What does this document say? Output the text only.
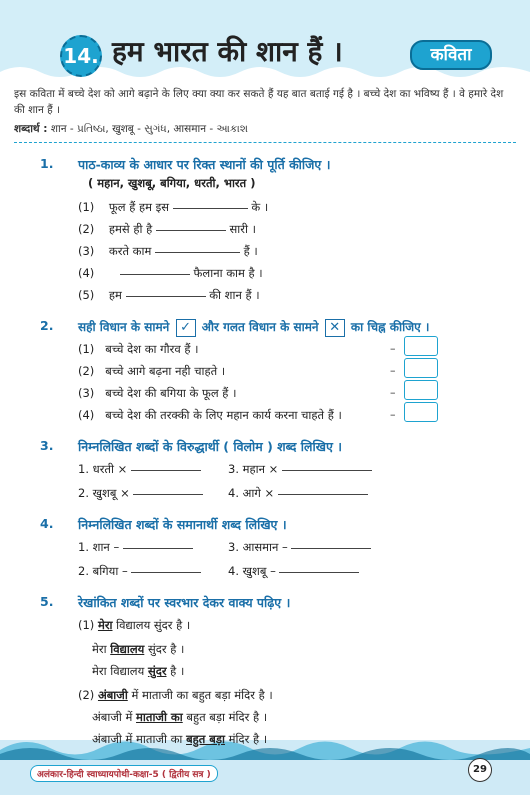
14. हम भारत की शान हैं ।	कविता
इस कविता में बच्चे देश को आगे बढ़ाने के लिए क्या क्या कर सकते हैं यह बात बताई गई है । बच्चे देश का भविष्य हैं । वे हमारे देश की शान हैं ।
शब्दार्थ : शान - પ્રતિષ્ઠા, खुशबू - સુગંધ, आसमान - આકાશ
1. पाठ-काव्य के आधार पर रिक्त स्थानों की पूर्ति कीजिए ।
( महान, खुशबू, बगिया, धरती, भारत )
(1) फूल हैं हम इस	के ।
(2) हमसे ही है	सारी ।
(3) करते काम	हैं ।
(4)	फैलाना काम है ।
(5) हम	की शान हैं ।
2. सही विधान के सामने ✓ और गलत विधान के सामने ✕ का चिह्न कीजिए ।
(1) बच्चे देश का गौरव हैं ।	–
(2) बच्चे आगे बढ़ना नही चाहते ।	–
(3) बच्चे देश की बगिया के फूल हैं ।	–
(4) बच्चे देश की तरक्की के लिए महान कार्य करना चाहते हैं ।	–
3. निम्नलिखित शब्दों के विरुद्धार्थी ( विलोम ) शब्द लिखिए ।
1. धरती ×	3. महान ×
2. खुशबू ×	4. आगे ×
4. निम्नलिखित शब्दों के समानार्थी शब्द लिखिए ।
1. शान –	3. आसमान –
2. बगिया –	4. खुशबू –
5. रेखांकित शब्दों पर स्वरभार देकर वाक्य पढ़िए ।
(1) मेरा विद्यालय सुंदर है ।
मेरा विद्यालय सुंदर है ।
मेरा विद्यालय सुंदर है ।
(2) अंबाजी में माताजी का बहुत बड़ा मंदिर है ।
अंबाजी में माताजी का बहुत बड़ा मंदिर है ।
अंबाजी में माताजी का बहुत बड़ा मंदिर है ।
अलंकार-हिन्दी स्वाध्यायपोथी-कक्षा-5 ( द्वितीय सत्र )	29
